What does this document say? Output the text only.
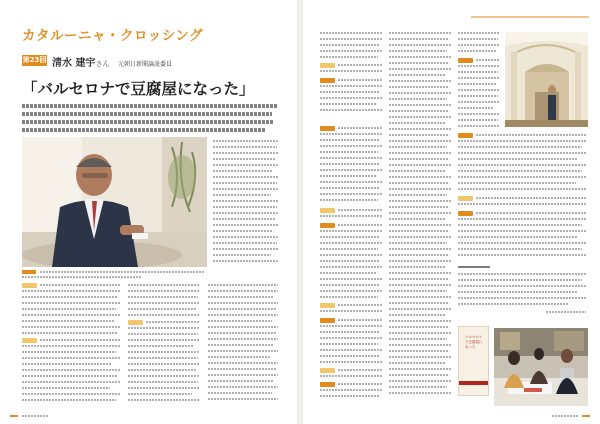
カタルーニャ・クロッシング
第23回 清水 建宇さん 元朝日新聞論説委員
「バルセロナで豆腐屋になった」
バルセロナで豆腐屋になった
